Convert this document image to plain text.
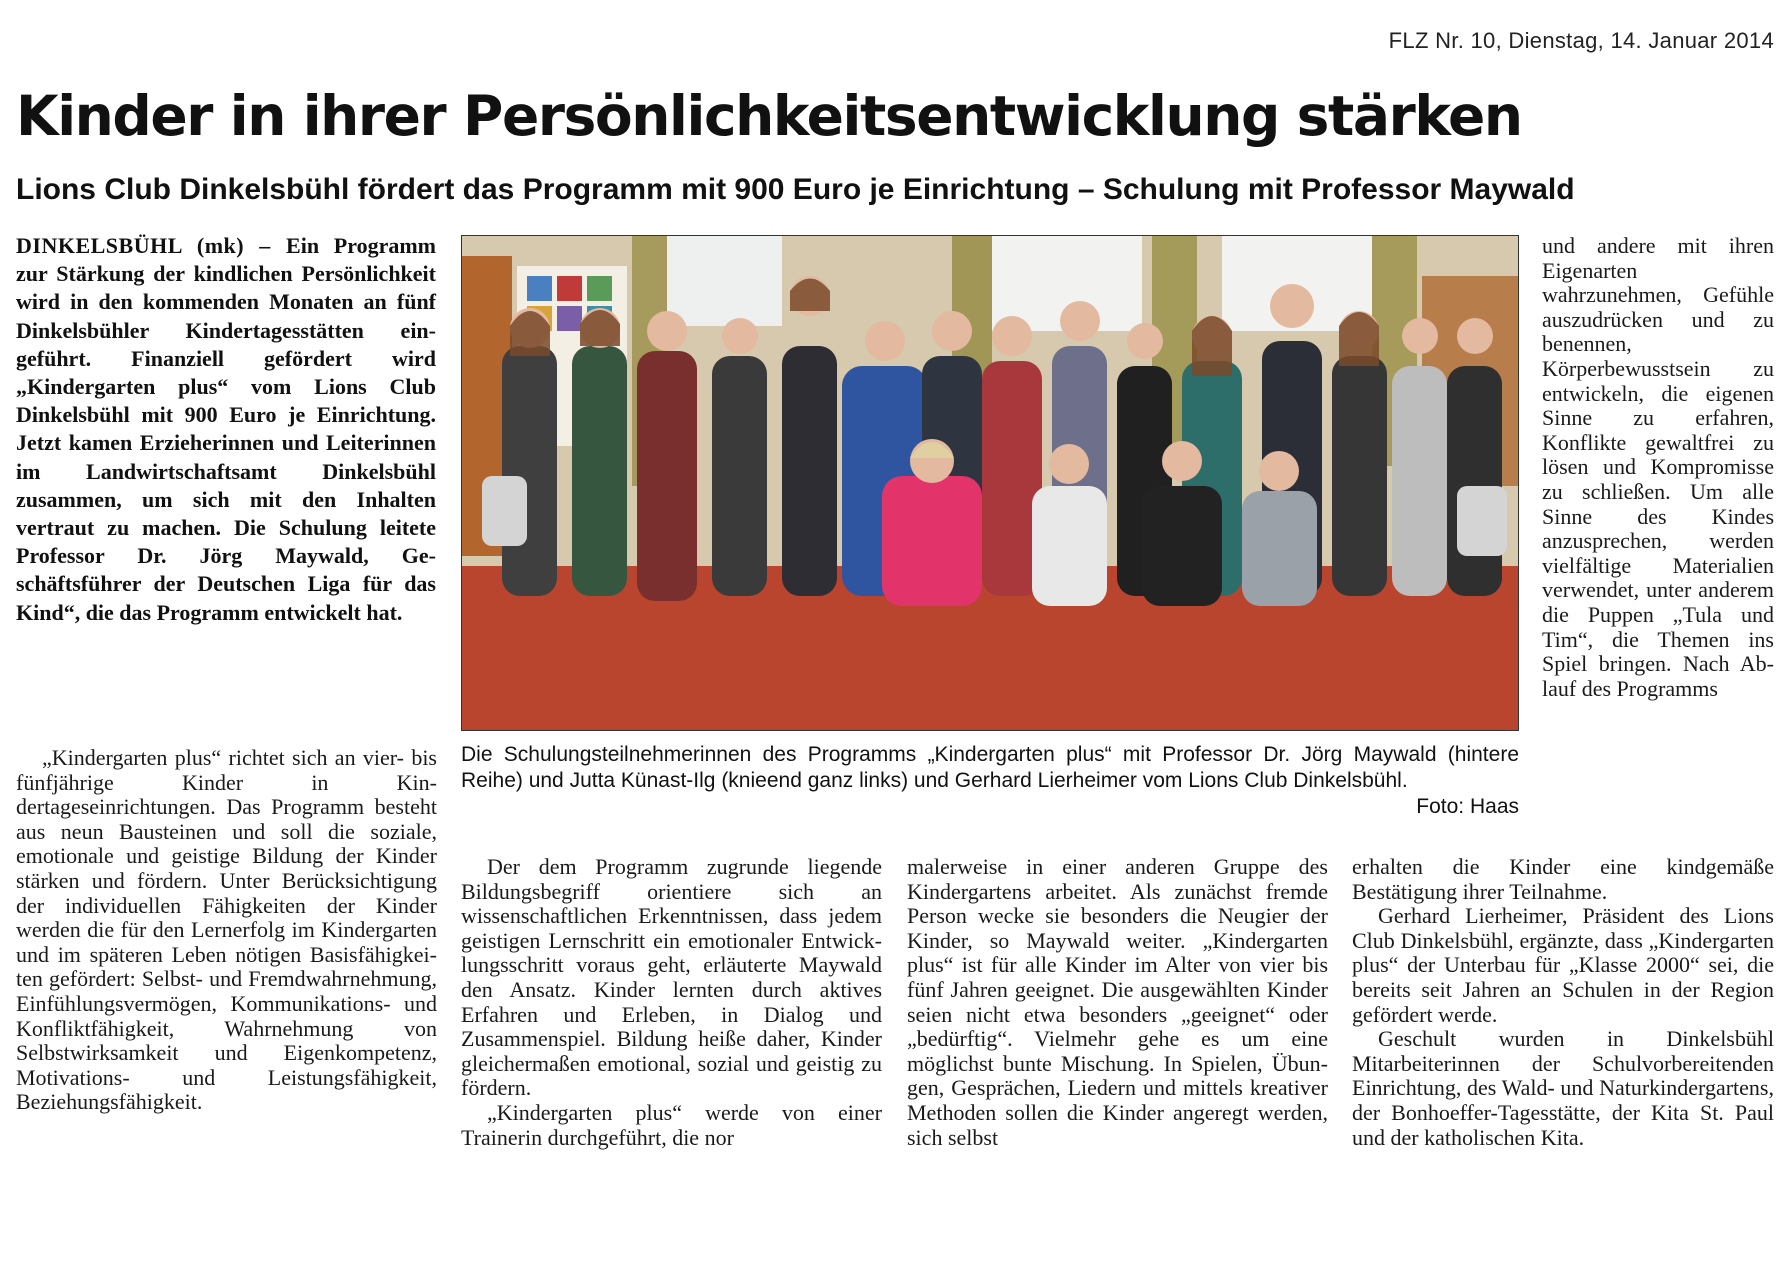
FLZ Nr. 10, Dienstag, 14. Januar 2014
Kinder in ihrer Persönlichkeitsentwicklung stärken
Lions Club Dinkelsbühl fördert das Programm mit 900 Euro je Einrichtung – Schulung mit Professor Maywald

DINKELSBÜHL (mk) – Ein Programm zur Stärkung der kindlichen Persönlichkeit wird in den kommenden Monaten an fünf Dinkelsbühler Kindertagesstätten eingeführt. Finanziell gefördert wird „Kindergarten plus“ vom Lions Club Dinkelsbühl mit 900 Euro je Einrichtung. Jetzt kamen Erzieherinnen und Leiterinnen im Landwirtschaftsamt Dinkelsbühl zusammen, um sich mit den Inhalten vertraut zu machen. Die Schulung leitete Professor Dr. Jörg Maywald, Geschäftsführer der Deutschen Liga für das Kind“, die das Programm entwickelt hat.

Die Schulungsteilnehmerinnen des Programms „Kindergarten plus“ mit Professor Dr. Jörg Maywald (hintere Reihe) und Jutta Künast-Ilg (knieend ganz links) und Gerhard Lierheimer vom Lions Club Dinkelsbühl.

Foto: Haas

„Kindergarten plus“ richtet sich an vier- bis fünfjährige Kinder in Kindertageseinrichtungen. Das Programm besteht aus neun Bausteinen und soll die soziale, emotionale und geistige Bildung der Kinder stärken und fördern. Unter Berücksichtigung der individuellen Fähigkeiten der Kinder werden die für den Lernerfolg im Kindergarten und im späteren Leben nötigen Basisfähigkeiten gefördert: Selbst- und Fremdwahrnehmung, Einfühlungsvermögen, Kommunikations- und Konfliktfähigkeit, Wahrnehmung von Selbstwirksamkeit und Eigenkompetenz, Motivations- und Leistungsfähigkeit, Beziehungsfähigkeit.

Der dem Programm zugrunde liegende Bildungsbegriff orientiere sich an wissenschaftlichen Erkenntnissen, dass jedem geistigen Lernschritt ein emotionaler Entwicklungsschritt voraus geht, erläuterte Maywald den Ansatz. Kinder lernten durch aktives Erfahren und Erleben, in Dialog und Zusammenspiel. Bildung heiße daher, Kinder gleichermaßen emotional, sozial und geistig zu fördern.

„Kindergarten plus“ werde von einer Trainerin durchgeführt, die nor

malerweise in einer anderen Gruppe des Kindergartens arbeitet. Als zunächst fremde Person wecke sie besonders die Neugier der Kinder, so Maywald weiter. „Kindergarten plus“ ist für alle Kinder im Alter von vier bis fünf Jahren geeignet. Die ausgewählten Kinder seien nicht etwa besonders „geeignet“ oder „bedürftig“. Vielmehr gehe es um eine möglichst bunte Mischung. In Spielen, Übungen, Gesprächen, Liedern und mittels kreativer Methoden sollen die Kinder angeregt werden, sich selbst

und andere mit ihren Eigenarten wahrzunehmen, Gefühle auszudrücken und zu benennen, Körperbewusstsein zu entwickeln, die eigenen Sinne zu erfahren, Konflikte gewaltfrei zu lösen und Kompromisse zu schließen. Um alle Sinne des Kindes anzusprechen, werden vielfältige Materialien verwendet, unter anderem die Puppen „Tula und Tim“, die Themen ins Spiel bringen. Nach Ablauf des Programms

erhalten die Kinder eine kindgemäße Bestätigung ihrer Teilnahme.

Gerhard Lierheimer, Präsident des Lions Club Dinkelsbühl, ergänzte, dass „Kindergarten plus“ der Unterbau für „Klasse 2000“ sei, die bereits seit Jahren an Schulen in der Region gefördert werde.

Geschult wurden in Dinkelsbühl Mitarbeiterinnen der Schulvorbereitenden Einrichtung, des Wald- und Naturkindergartens, der Bonhoeffer-Tagesstätte, der Kita St. Paul und der katholischen Kita.
